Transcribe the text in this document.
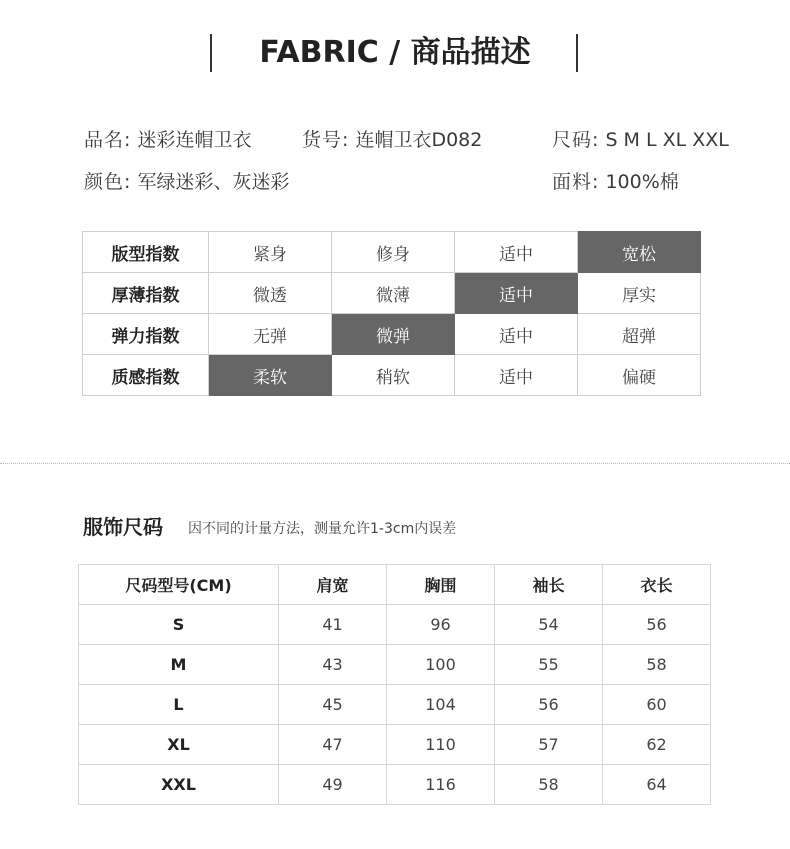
FABRIC / 商品描述
品名: 迷彩连帽卫衣	货号: 连帽卫衣D082	尺码: S M L XL XXL
颜色: 军绿迷彩、灰迷彩	面料: 100%棉
版型指数	紧身	修身	适中	宽松
厚薄指数	微透	微薄	适中	厚实
弹力指数	无弹	微弹	适中	超弹
质感指数	柔软	稍软	适中	偏硬
服饰尺码 因不同的计量方法，测量允许1-3cm内误差
尺码型号(CM)	肩宽	胸围	袖长	衣长
S	41	96	54	56
M	43	100	55	58
L	45	104	56	60
XL	47	110	57	62
XXL	49	116	58	64
